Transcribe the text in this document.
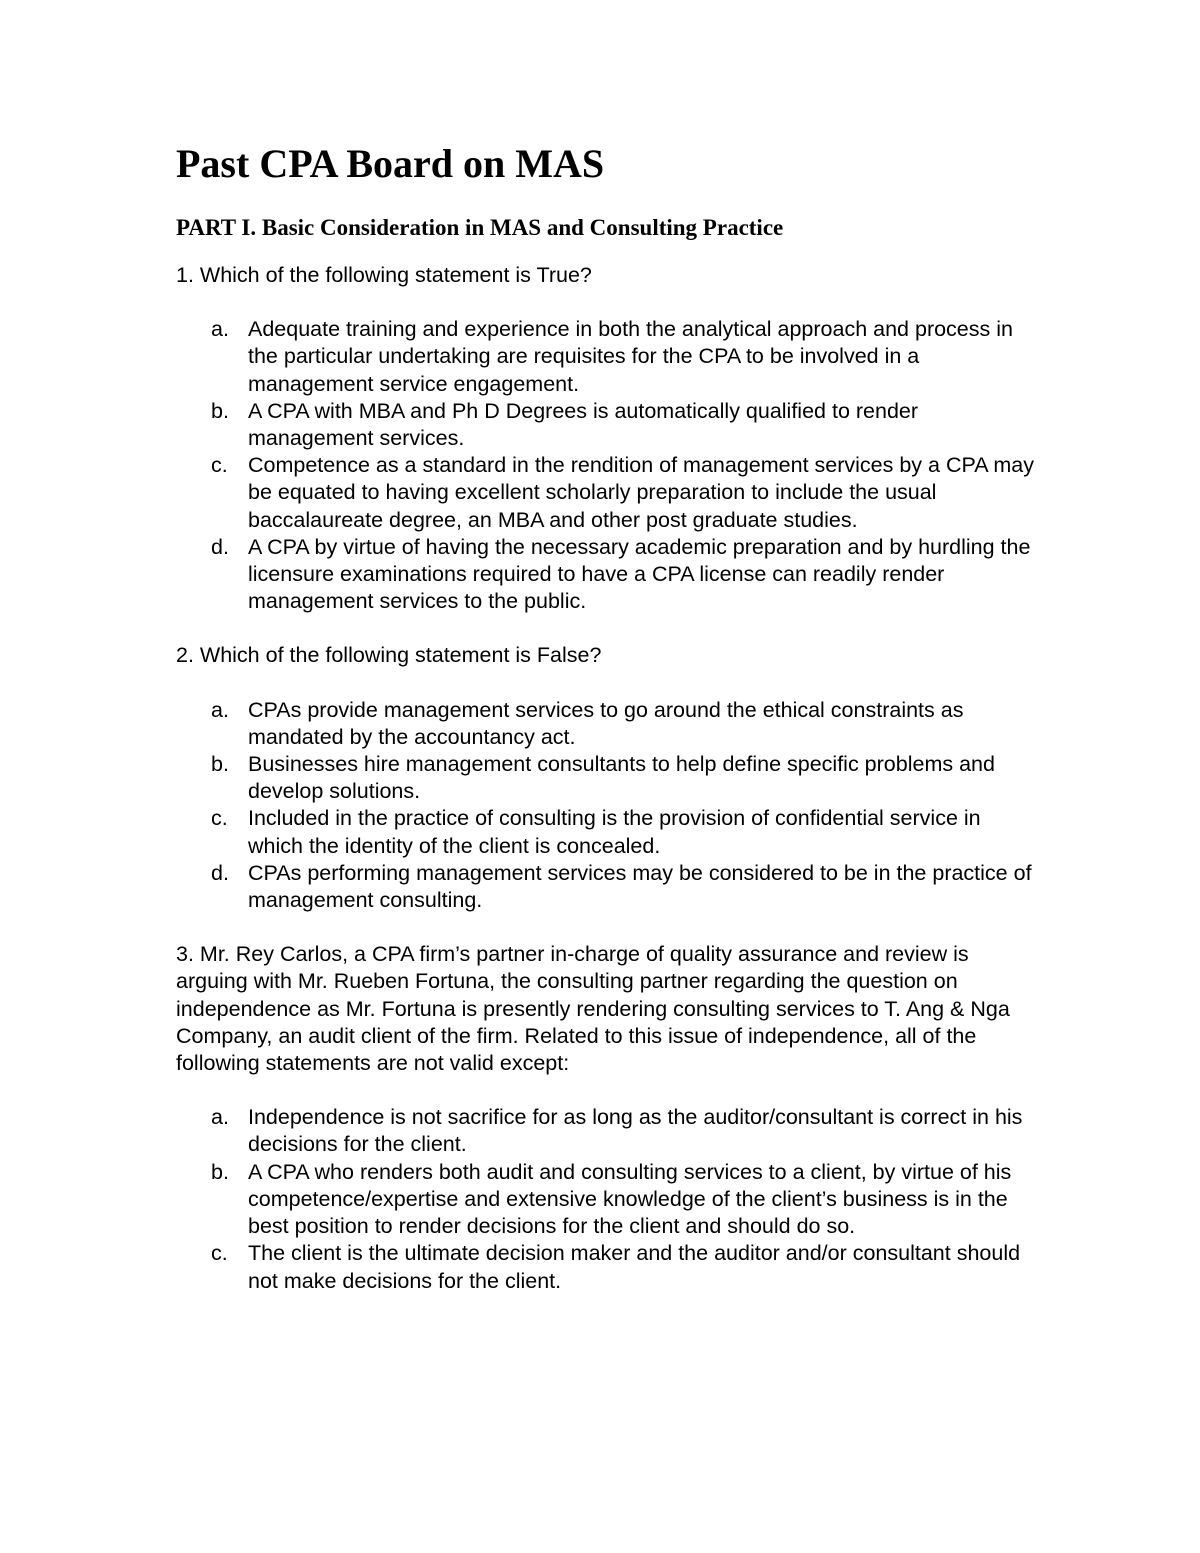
Past CPA Board on MAS
PART I. Basic Consideration in MAS and Consulting Practice

1. Which of the following statement is True?

a. Adequate training and experience in both the analytical approach and process in the particular undertaking are requisites for the CPA to be involved in a management service engagement.
b. A CPA with MBA and Ph D Degrees is automatically qualified to render management services.
c. Competence as a standard in the rendition of management services by a CPA may be equated to having excellent scholarly preparation to include the usual baccalaureate degree, an MBA and other post graduate studies.
d. A CPA by virtue of having the necessary academic preparation and by hurdling the licensure examinations required to have a CPA license can readily render management services to the public.

2. Which of the following statement is False?

a. CPAs provide management services to go around the ethical constraints as mandated by the accountancy act.
b. Businesses hire management consultants to help define specific problems and develop solutions.
c. Included in the practice of consulting is the provision of confidential service in which the identity of the client is concealed.
d. CPAs performing management services may be considered to be in the practice of management consulting.

3. Mr. Rey Carlos, a CPA firm’s partner in-charge of quality assurance and review is arguing with Mr. Rueben Fortuna, the consulting partner regarding the question on independence as Mr. Fortuna is presently rendering consulting services to T. Ang & Nga Company, an audit client of the firm. Related to this issue of independence, all of the following statements are not valid except:

a. Independence is not sacrifice for as long as the auditor/consultant is correct in his decisions for the client.
b. A CPA who renders both audit and consulting services to a client, by virtue of his competence/expertise and extensive knowledge of the client’s business is in the best position to render decisions for the client and should do so.
c. The client is the ultimate decision maker and the auditor and/or consultant should not make decisions for the client.
